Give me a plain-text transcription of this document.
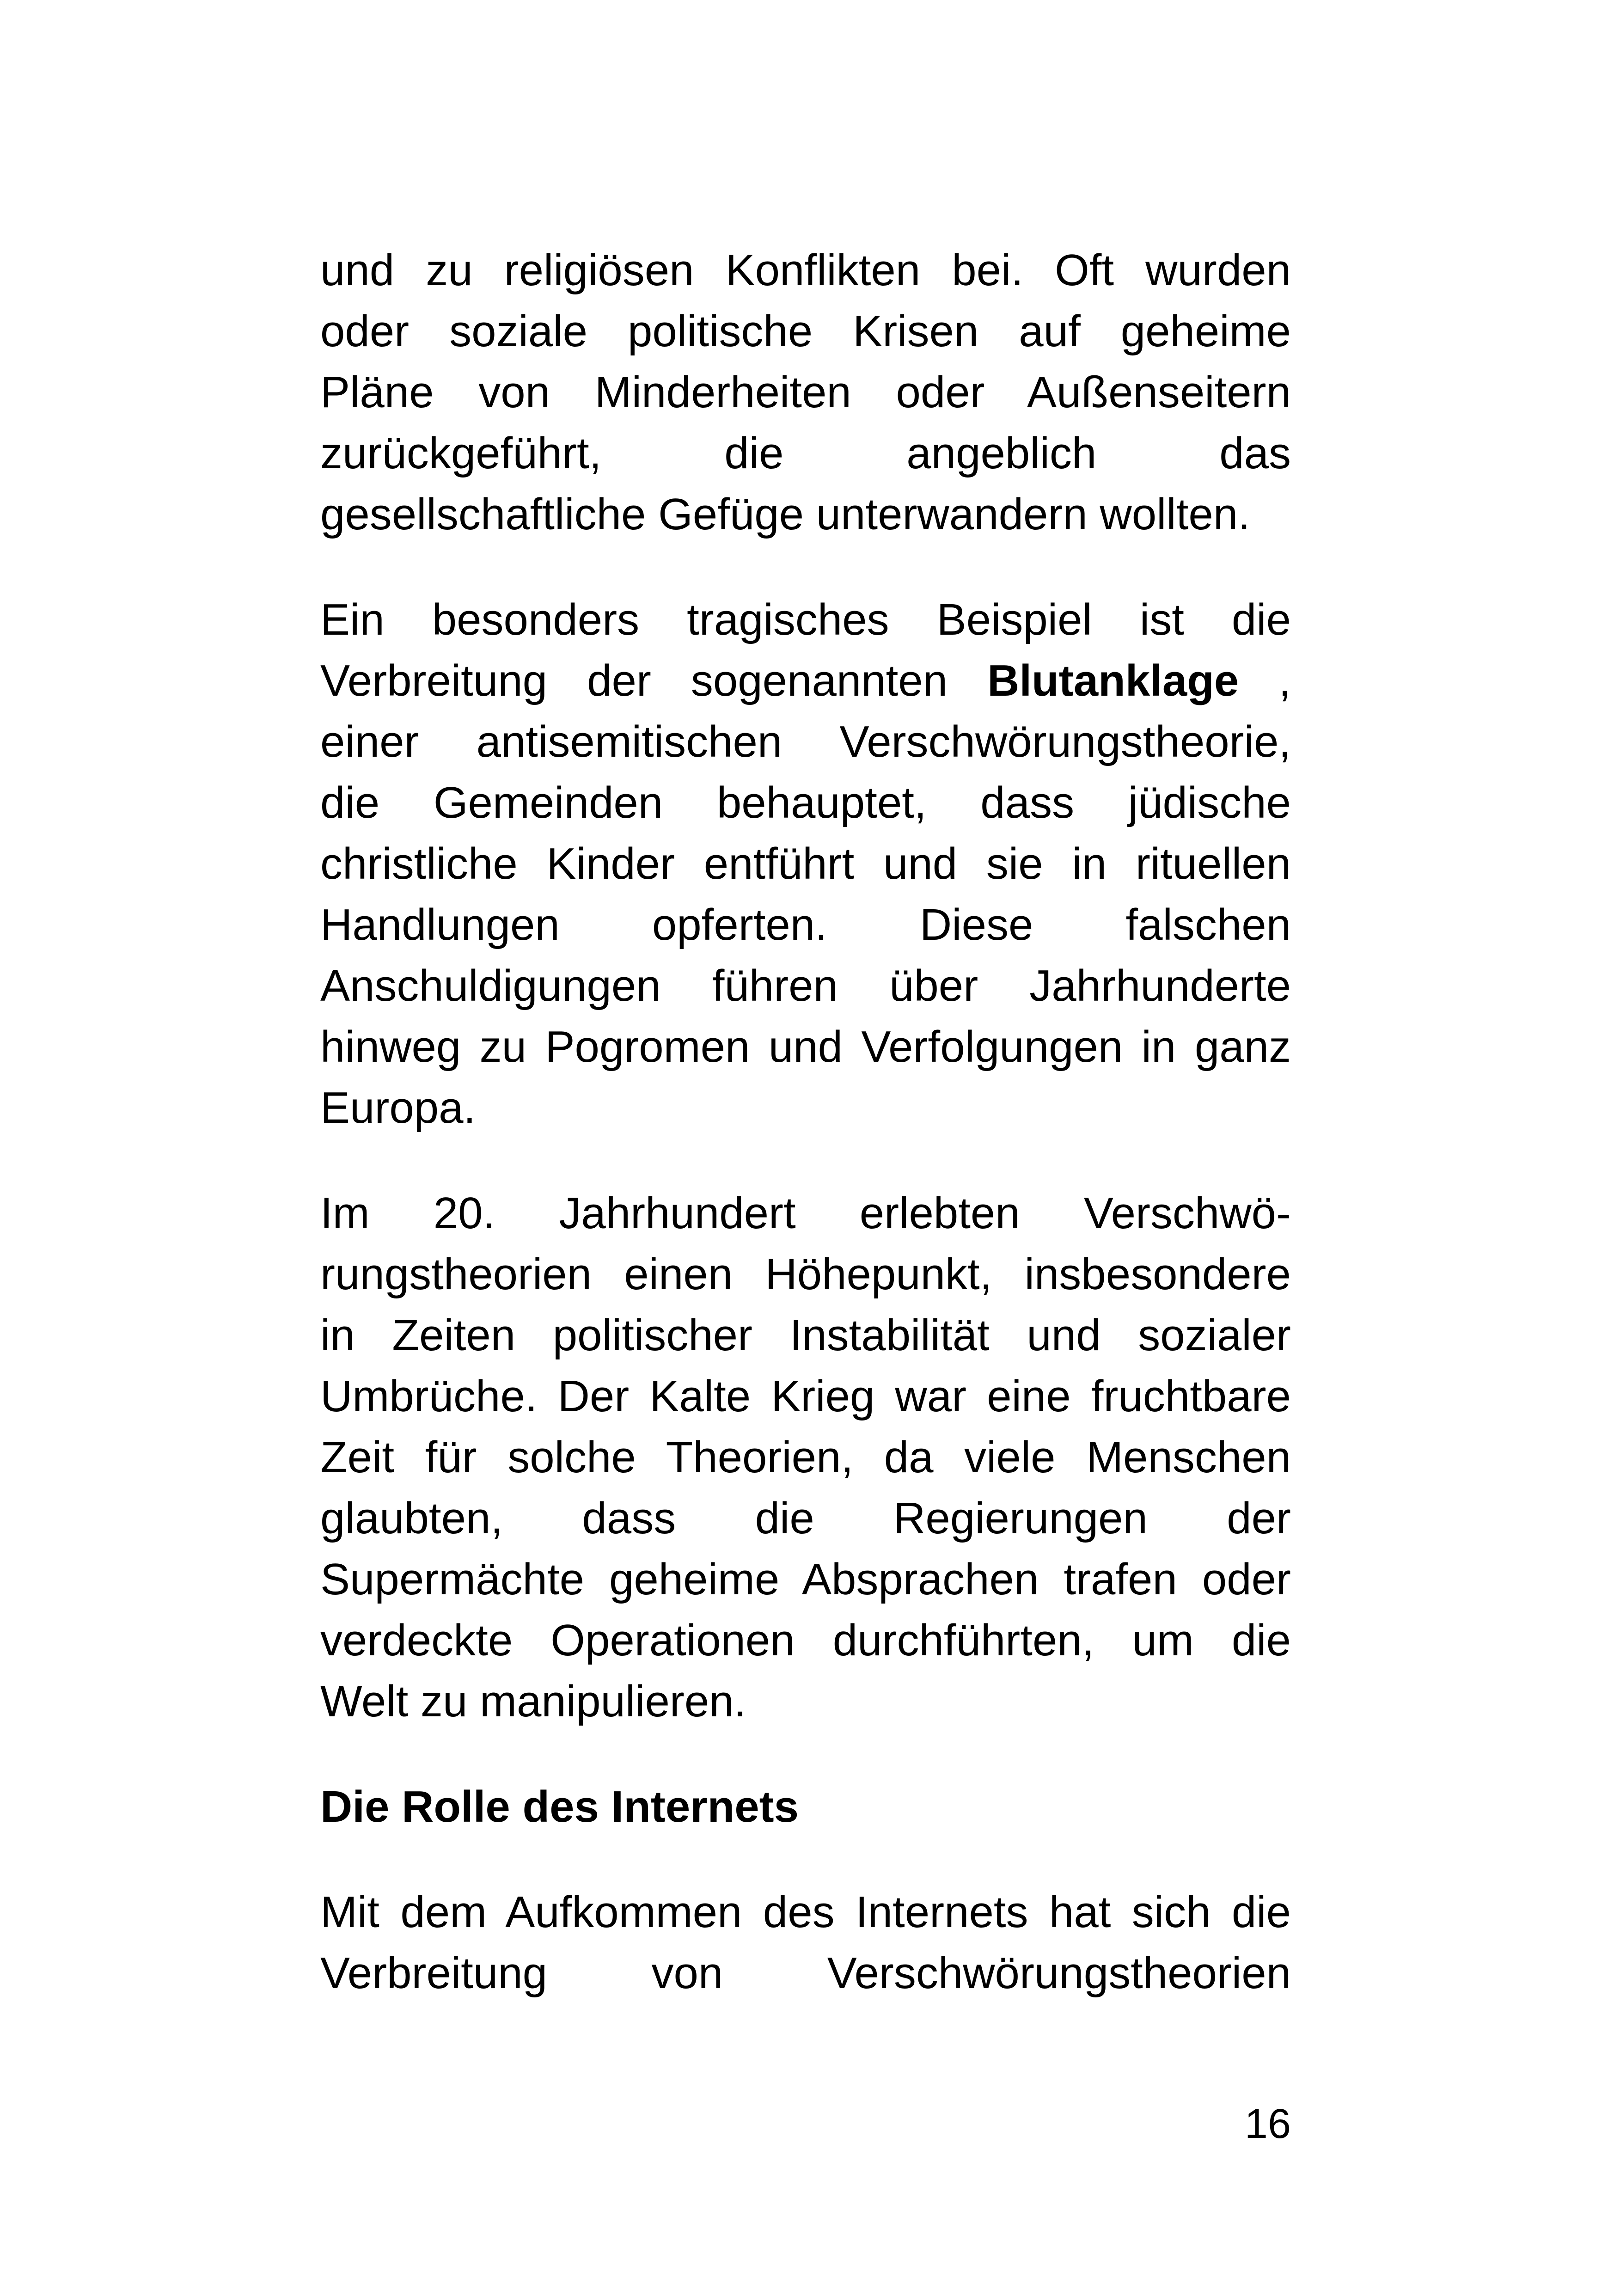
und zu religiösen Konflikten bei. Oft wurden
oder soziale politische Krisen auf geheime
Pläne von Minderheiten oder Außenseitern
zurückgeführt, die angeblich das
gesellschaftliche Gefüge unterwandern wollten.

Ein besonders tragisches Beispiel ist die
Verbreitung der sogenannten Blutanklage ,
einer antisemitischen Verschwörungstheorie,
die Gemeinden behauptet, dass jüdische
christliche Kinder entführt und sie in rituellen
Handlungen opferten. Diese falschen
Anschuldigungen führen über Jahrhunderte
hinweg zu Pogromen und Verfolgungen in ganz
Europa.

Im 20. Jahrhundert erlebten Verschwö-
rungstheorien einen Höhepunkt, insbesondere
in Zeiten politischer Instabilität und sozialer
Umbrüche. Der Kalte Krieg war eine fruchtbare
Zeit für solche Theorien, da viele Menschen
glaubten, dass die Regierungen der
Supermächte geheime Absprachen trafen oder
verdeckte Operationen durchführten, um die
Welt zu manipulieren.

Die Rolle des Internets

Mit dem Aufkommen des Internets hat sich die
Verbreitung von Verschwörungstheorien

16
